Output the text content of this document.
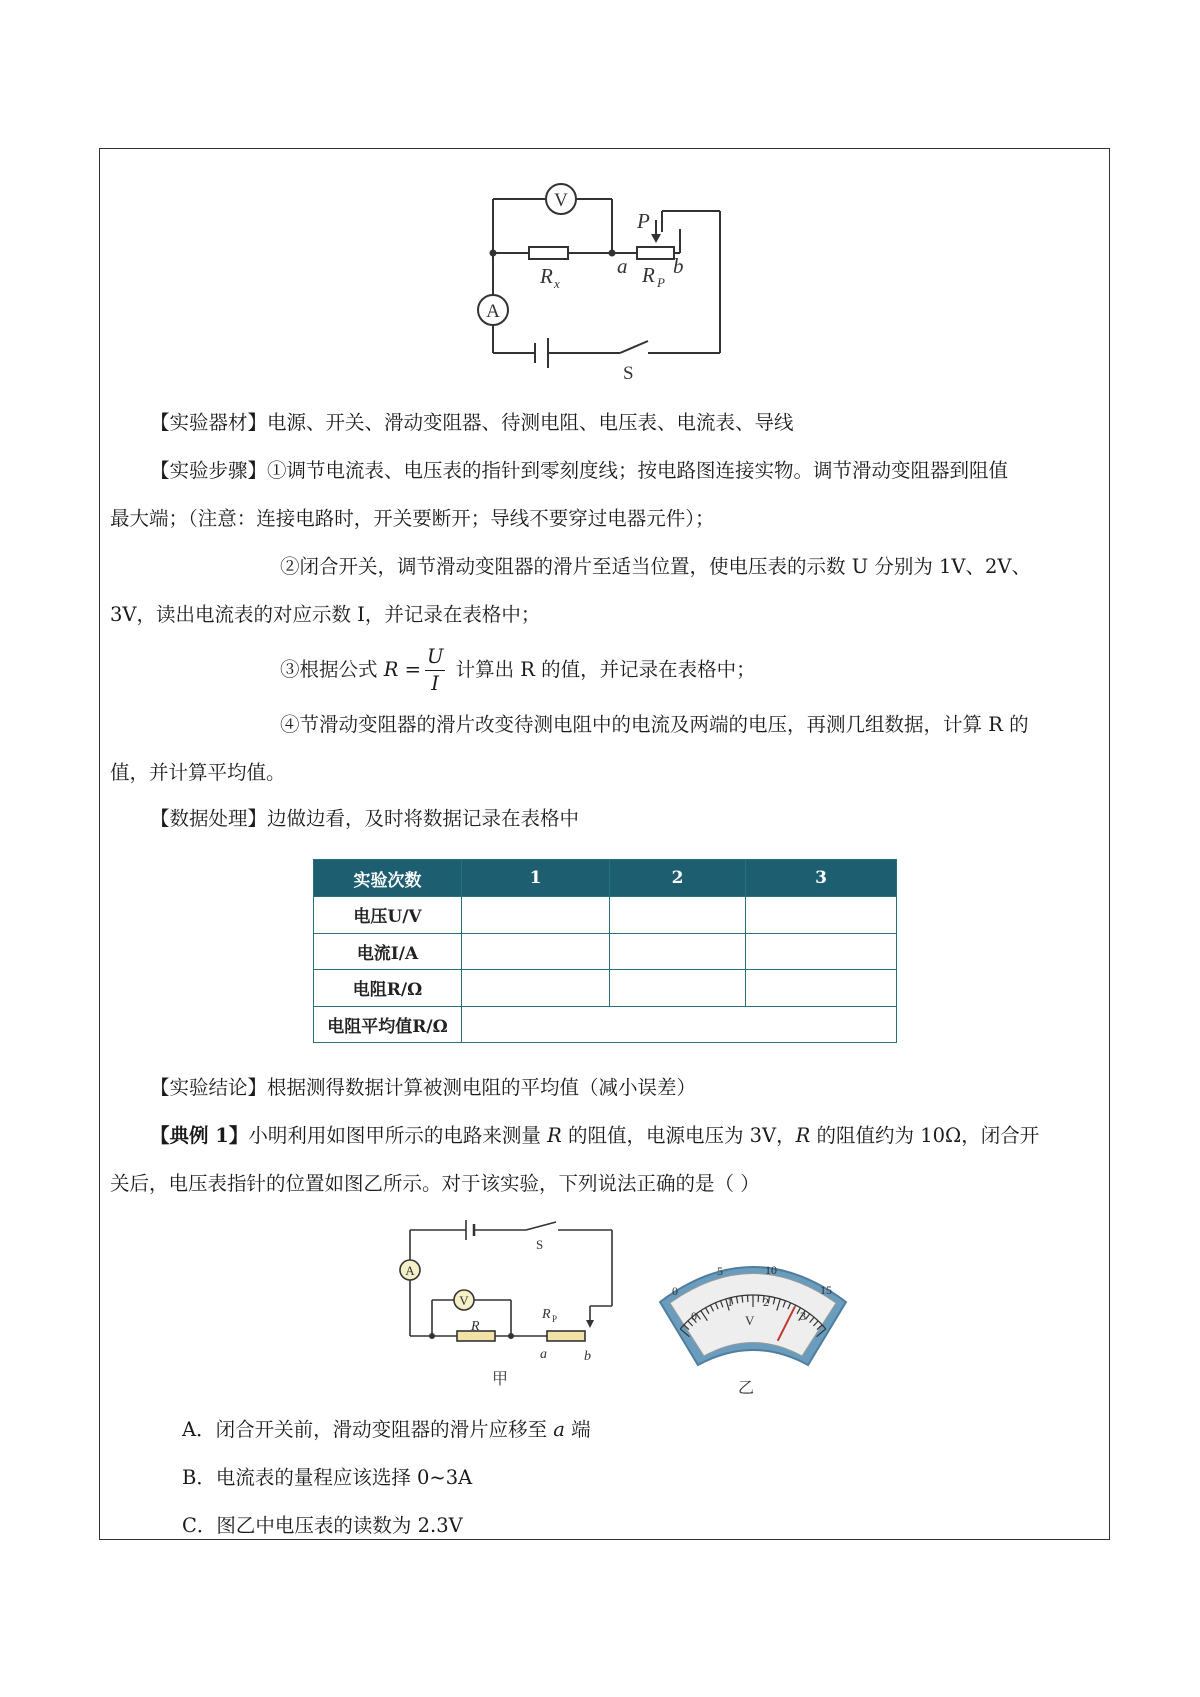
V
A
R x
P
a R P
b
S
【实验器材】电源、开关、滑动变阻器、待测电阻、电压表、电流表、导线
【实验步骤】①调节电流表、电压表的指针到零刻度线；按电路图连接实物。调节滑动变阻器到阻值
最大端；（注意：连接电路时，开关要断开；导线不要穿过电器元件）；
②闭合开关，调节滑动变阻器的滑片至适当位置，使电压表的示数 U 分别为 1V、2V、
3V，读出电流表的对应示数 I，并记录在表格中；
③根据公式 $R = \frac{U}{I}$ 计算出 R 的值，并记录在表格中；
④节滑动变阻器的滑片改变待测电阻中的电流及两端的电压，再测几组数据，计算 R 的
值，并计算平均值。
【数据处理】边做边看，及时将数据记录在表格中
实验次数	1	2	3
电压U/V			
电流I/A			
电阻R/Ω			
电阻平均值R/Ω			
【实验结论】根据测得数据计算被测电阻的平均值（减小误差）
【典例 1】小明利用如图甲所示的电路来测量 R 的阻值，电源电压为 3V，R 的阻值约为 10Ω，闭合开
关后，电压表指针的位置如图乙所示。对于该实验，下列说法正确的是（ ）
A
V
S
R
R P
a	b
甲
0
5	10
15
0
1	2
3
V
乙
A．闭合开关前，滑动变阻器的滑片应移至 a 端
B．电流表的量程应该选择 0~3A
C．图乙中电压表的读数为 2.3V
